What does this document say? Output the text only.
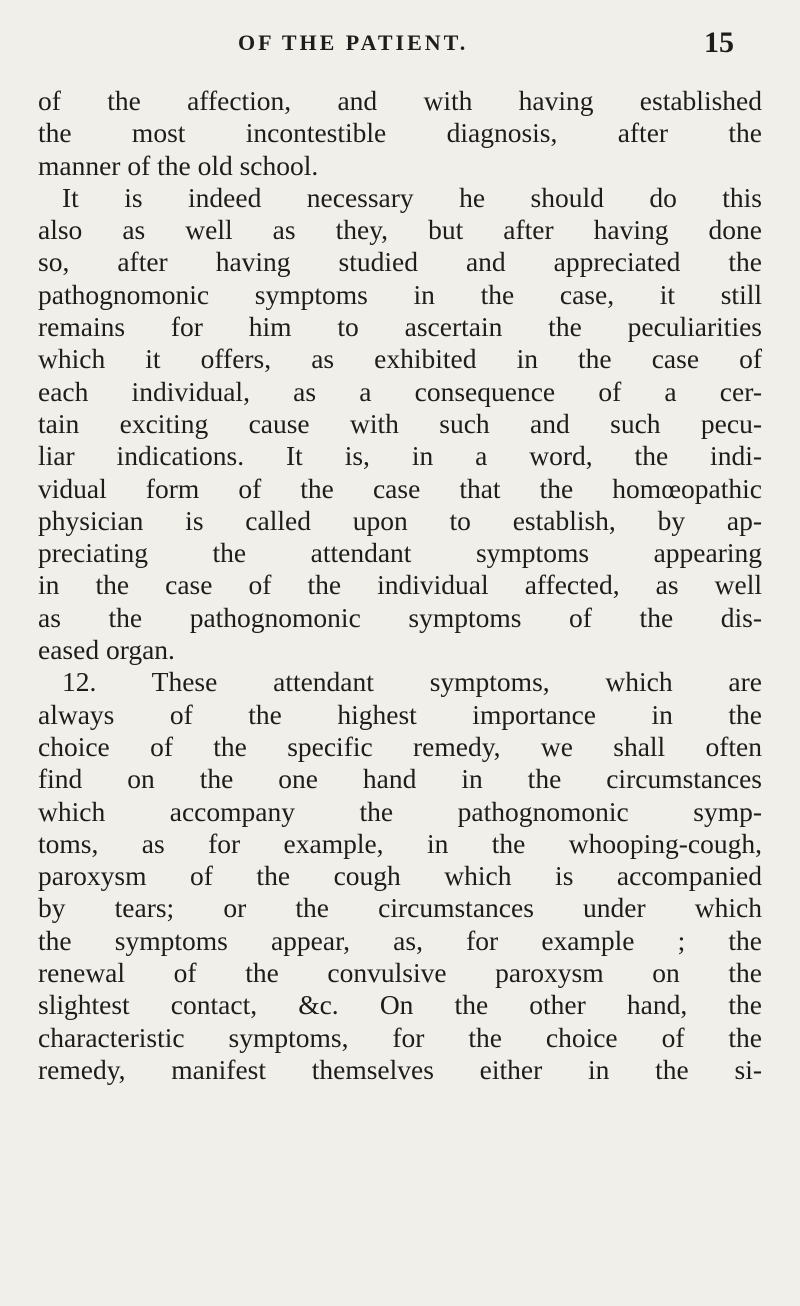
OF THE PATIENT.	15
of the affection, and with having established
the most incontestible diagnosis, after the
manner of the old school.
It is indeed necessary he should do this
also as well as they, but after having done
so, after having studied and appreciated the
pathognomonic symptoms in the case, it still
remains for him to ascertain the peculiarities
which it offers, as exhibited in the case of
each individual, as a consequence of a cer-
tain exciting cause with such and such pecu-
liar indications. It is, in a word, the indi-
vidual form of the case that the homœopathic
physician is called upon to establish, by ap-
preciating the attendant symptoms appearing
in the case of the individual affected, as well
as the pathognomonic symptoms of the dis-
eased organ.
12. These attendant symptoms, which are
always of the highest importance in the
choice of the specific remedy, we shall often
find on the one hand in the circumstances
which accompany the pathognomonic symp-
toms, as for example, in the whooping-cough,
paroxysm of the cough which is accompanied
by tears; or the circumstances under which
the symptoms appear, as, for example ; the
renewal of the convulsive paroxysm on the
slightest contact, &c. On the other hand, the
characteristic symptoms, for the choice of the
remedy, manifest themselves either in the si-
